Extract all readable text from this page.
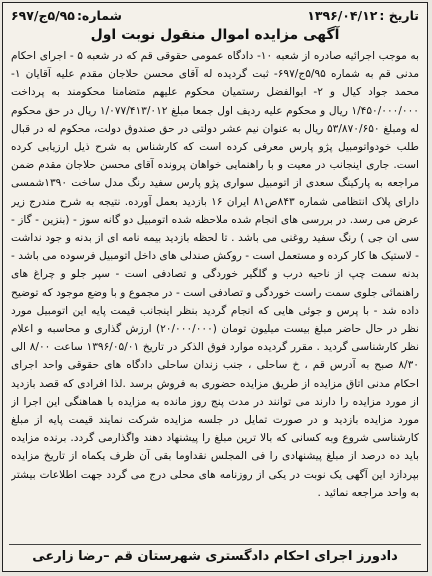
تاریخ :
۱۳۹۶/۰۴/۱۲
شماره:
۵/۹۵ج/۶۹۷
آگهی مزایده اموال منقول نوبت اول
به موجب اجرائیه صادره از شعبه ۱۰- دادگاه عمومی حقوقی قم که در شعبه ۵ - اجرای احکام مدنی قم به شماره ۵/۹۵ج/۶۹۷- ثبت گردیده له آقای محسن حلاجان مقدم علیه آقایان ۱- محمد جواد کیال و ۲- ابوالفضل رستمیان محکوم علیهم متضامنا محکومند به پرداخت ۱/۴۵۰/۰۰۰/۰۰۰ ریال و محکوم علیه ردیف اول جمعا مبلغ ۱/۰۷۷/۴۱۳/۰۱۲ ریال در حق محکوم له ومبلغ ۵۳/۸۷۰/۶۵۰ ریال به عنوان نیم عشر دولتی در حق صندوق دولت، محکوم له در قبال طلب خودواتومبیل پژو پارس معرفی کرده است که کارشناس به شرح ذیل ارزیابی کرده است. جاری اینجانب در معیت و با راهنمایی خواهان پرونده آقای محسن حلاجان مقدم ضمن مراجعه به پارکینگ سعدی از اتومبیل سواری پژو پارس سفید رنگ مدل ساخت ۱۳۹۰شمسی دارای پلاک انتظامی شماره ۸۴۳ص۸۱ ایران ۱۶ بازدید بعمل آورده. نتیجه به شرح مندرج زیر عرض می رسد. در بررسی های انجام شده ملاحظه شده اتومبیل دو گانه سوز - (بنزین - گاز - سی ان جی ) رنگ سفید روغنی می باشد . تا لحظه بازدید بیمه نامه ای از بدنه و جود نداشت - لاستیک ها کار کرده و مستعمل است - روکش صندلی های داخل اتومبیل فرسوده می باشد - بدنه سمت چپ از ناحیه درب و گلگیر خوردگی و تصادفی است - سپر جلو و چراغ های راهنمائی جلوی سمت راست خوردگی و تصادفی است - در مجموع و با وضع موجود که توضیح داده شد - با پرس و جوئی هایی که انجام گردید بنظر اینجانب قیمت پایه این اتومبیل مورد نظر در حال حاضر مبلغ بیست میلیون تومان (۲۰/۰۰۰/۰۰۰) ارزش گذاری و محاسبه و اعلام نظر کارشناسی گردید . مقرر گردیده موارد فوق الذکر در تاریخ ۱۳۹۶/۰۵/۰۱ ساعت ۸/۰۰ الی ۸/۳۰ صبح به آدرس قم ، خ ساحلی ، جنب زندان ساحلی دادگاه های حقوقی واحد اجرای احکام مدنی اتاق مزایده از طریق مزایده حضوری به فروش برسد .لذا افرادی که قصد بازدید از مورد مزایده را دارند می توانند در مدت پنج روز مانده به مزایده با هماهنگی این اجرا از مورد مزایده بازدید و در صورت تمایل در جلسه مزایده شرکت نمایند قیمت پایه از مبلغ کارشناسی شروع وبه کسانی که بالا ترین مبلغ را پیشنهاد دهند واگذارمی گردد. برنده مزایده باید ده درصد از مبلغ پیشنهادی را فی المجلس نقداوما بقی آن ظرف یکماه از تاریخ مزایده بپردازد این آگهی یک نوبت در یکی از روزنامه های محلی درج می گردد جهت اطلاعات بیشتر به واحد مراجعه نمائید .
دادورز اجرای احکام دادگستری شهرستان قم –رضا زارعی
